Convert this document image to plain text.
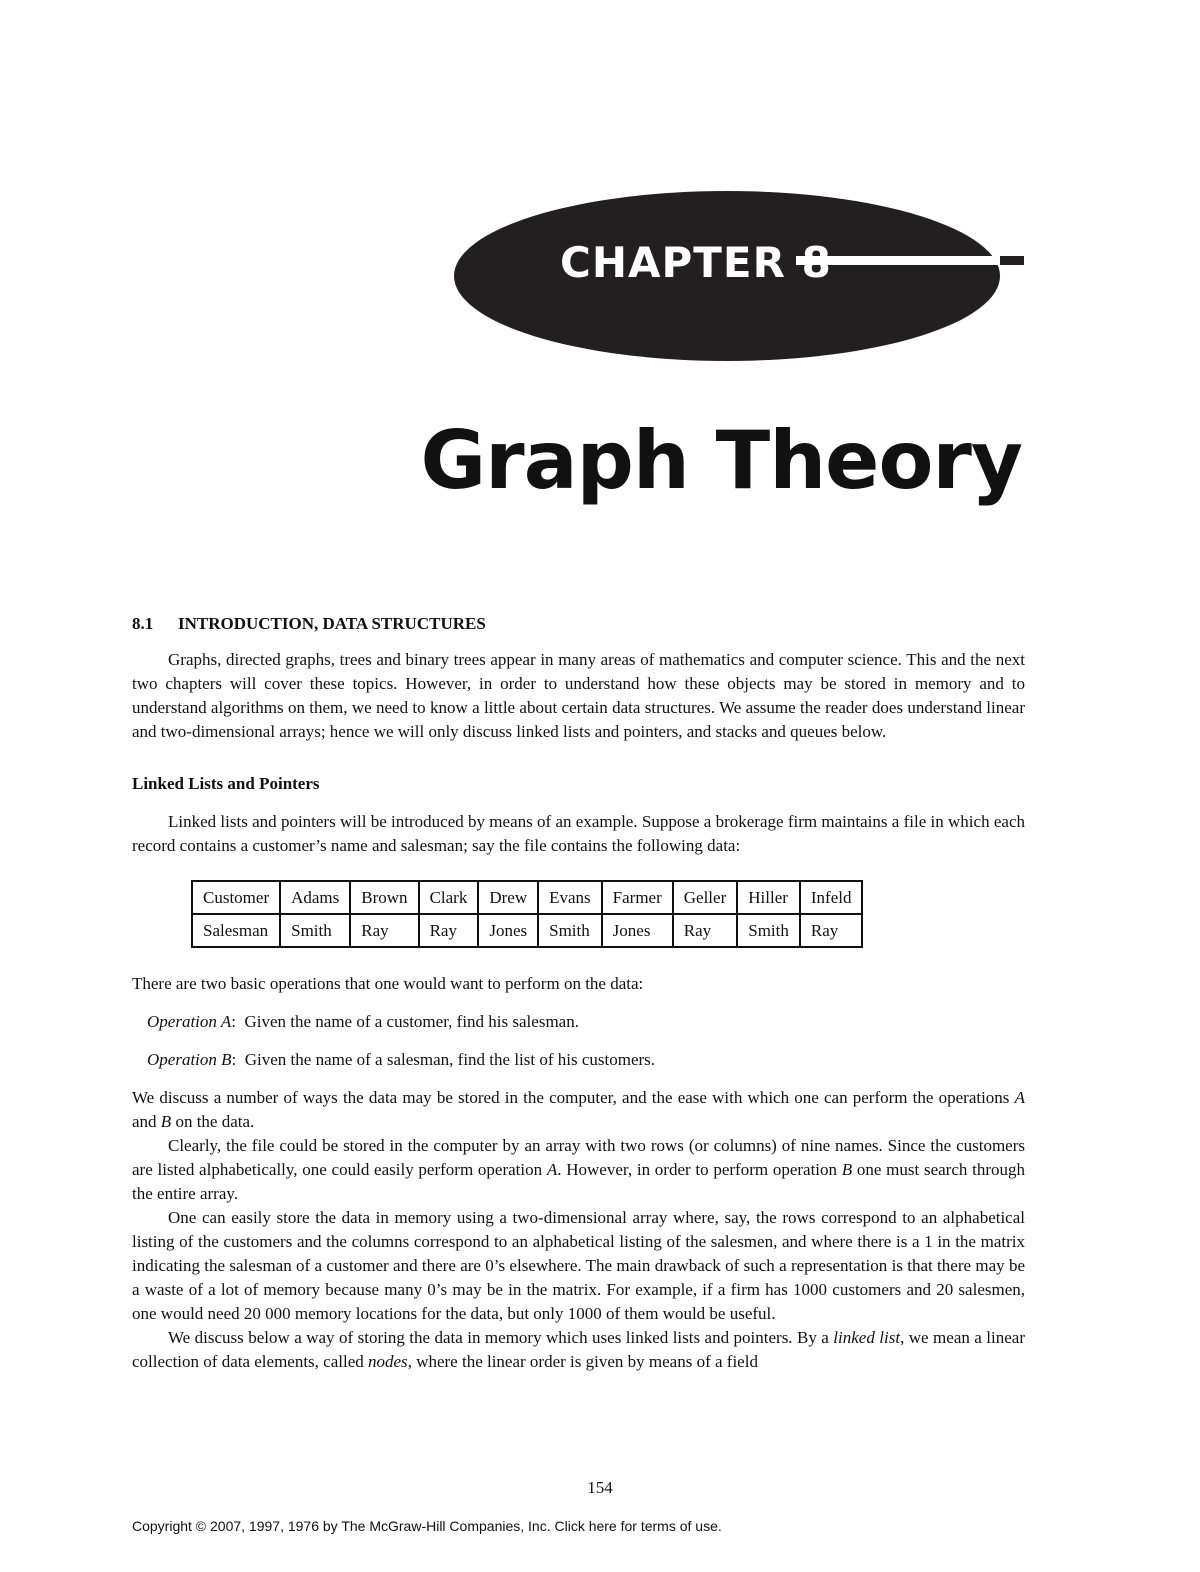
CHAPTER 8
Graph Theory
8.1 INTRODUCTION, DATA STRUCTURES

Graphs, directed graphs, trees and binary trees appear in many areas of mathematics and computer science. This and the next two chapters will cover these topics. However, in order to understand how these objects may be stored in memory and to understand algorithms on them, we need to know a little about certain data structures. We assume the reader does understand linear and two-dimensional arrays; hence we will only discuss linked lists and pointers, and stacks and queues below.

Linked Lists and Pointers

Linked lists and pointers will be introduced by means of an example. Suppose a brokerage firm maintains a file in which each record contains a customer’s name and salesman; say the file contains the following data:

Customer	Adams	Brown	Clark	Drew	Evans	Farmer	Geller	Hiller	Infeld
Salesman	Smith	Ray	Ray	Jones	Smith	Jones	Ray	Smith	Ray

There are two basic operations that one would want to perform on the data:

Operation A:  Given the name of a customer, find his salesman.
Operation B:  Given the name of a salesman, find the list of his customers.

We discuss a number of ways the data may be stored in the computer, and the ease with which one can perform the operations A and B on the data.

Clearly, the file could be stored in the computer by an array with two rows (or columns) of nine names. Since the customers are listed alphabetically, one could easily perform operation A. However, in order to perform operation B one must search through the entire array.

One can easily store the data in memory using a two-dimensional array where, say, the rows correspond to an alphabetical listing of the customers and the columns correspond to an alphabetical listing of the salesmen, and where there is a 1 in the matrix indicating the salesman of a customer and there are 0’s elsewhere. The main drawback of such a representation is that there may be a waste of a lot of memory because many 0’s may be in the matrix. For example, if a firm has 1000 customers and 20 salesmen, one would need 20 000 memory locations for the data, but only 1000 of them would be useful.

We discuss below a way of storing the data in memory which uses linked lists and pointers. By a linked list, we mean a linear collection of data elements, called nodes, where the linear order is given by means of a field

154
Copyright © 2007, 1997, 1976 by The McGraw-Hill Companies, Inc. Click here for terms of use.
